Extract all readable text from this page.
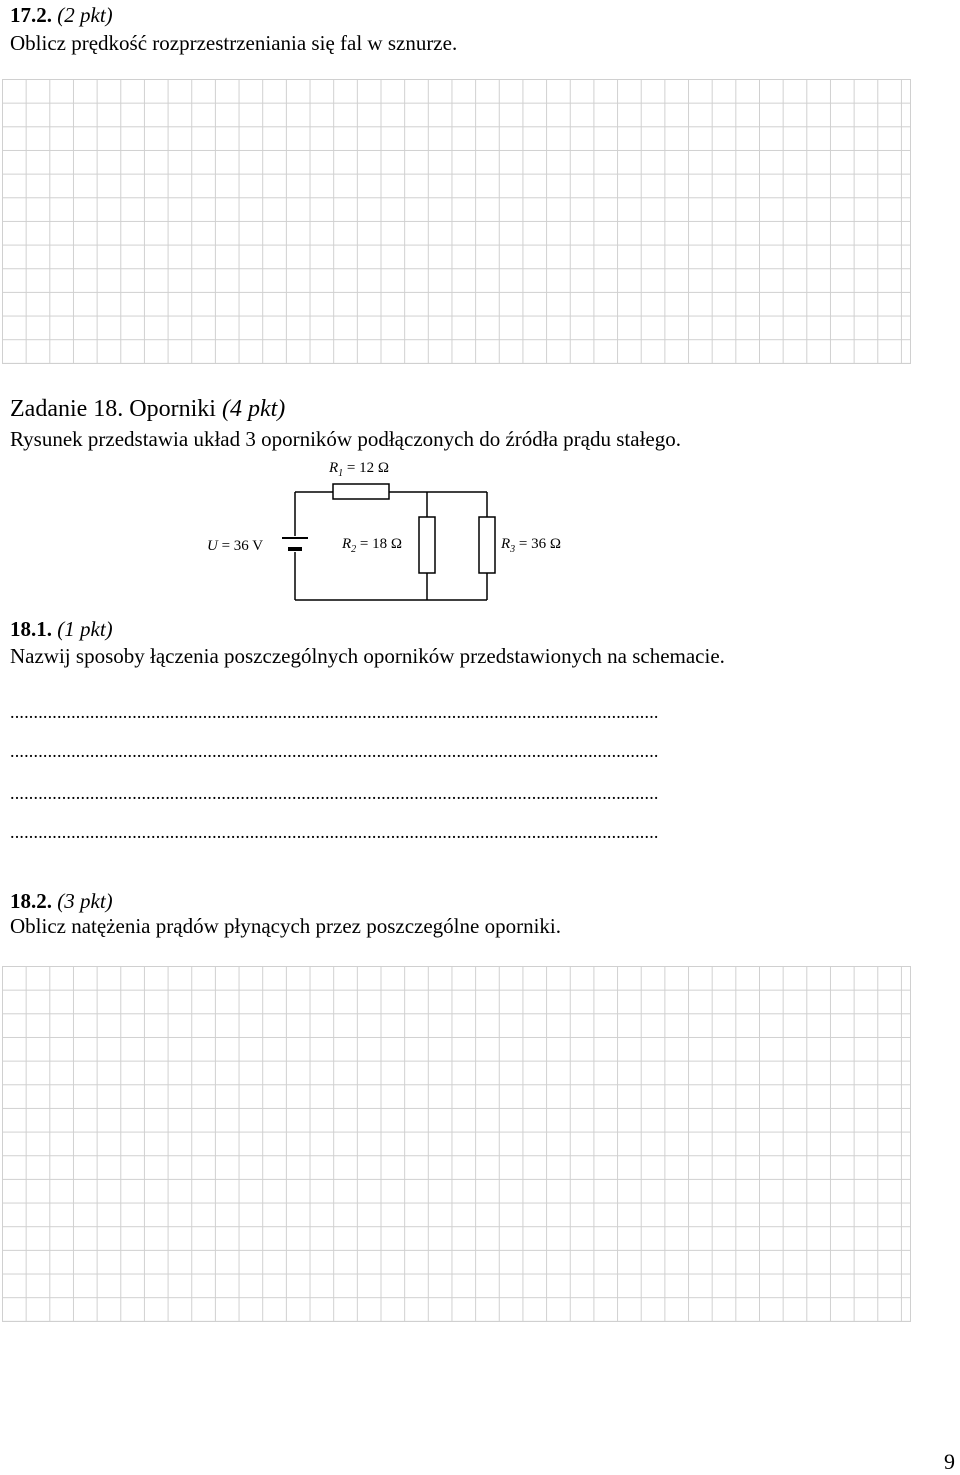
17.2. (2 pkt)

Oblicz prędkość rozprzestrzeniania się fal w sznurze.

Zadanie 18. Oporniki (4 pkt)

Rysunek przedstawia układ 3 oporników podłączonych do źródła prądu stałego.

$R_1 = 12$ Ω
U = 36 V	$R_2 = 18$ Ω	$R_3 = 36$ Ω

18.1. (1 pkt)

Nazwij sposoby łączenia poszczególnych oporników przedstawionych na schemacie.

..........................................................................................................................................
..........................................................................................................................................
..........................................................................................................................................
..........................................................................................................................................

18.2. (3 pkt)

Oblicz natężenia prądów płynących przez poszczególne oporniki.

9
